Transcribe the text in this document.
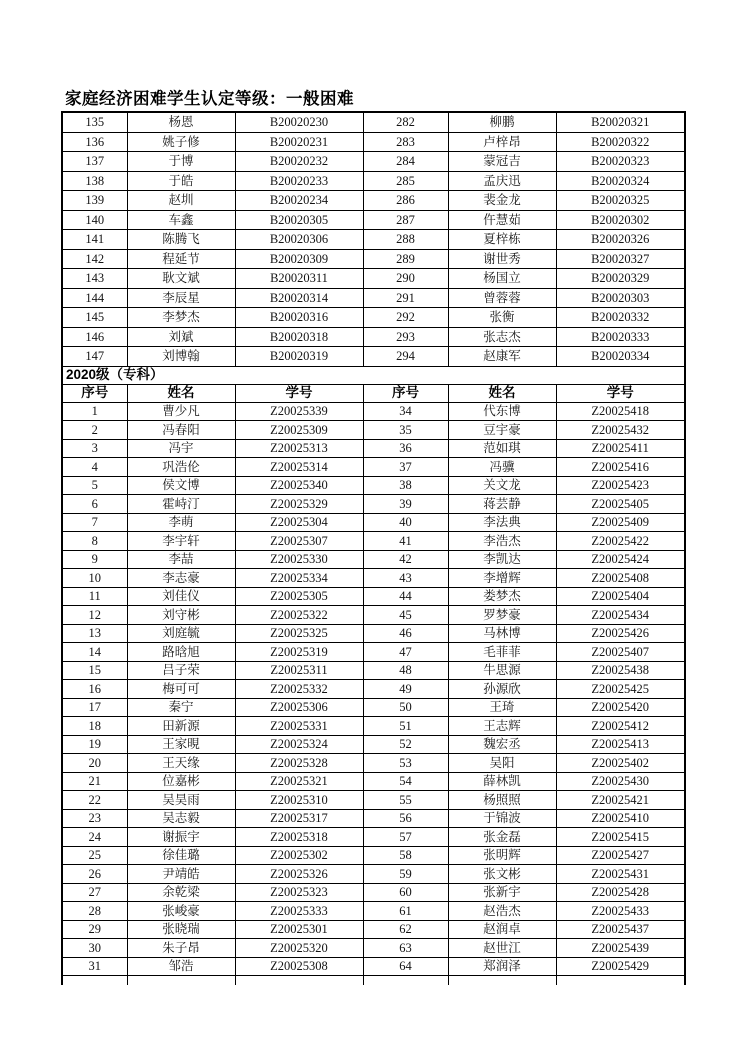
家庭经济困难学生认定等级：一般困难
135	杨恩	B20020230	282	柳鹏	B20020321
136	姚子修	B20020231	283	卢梓昂	B20020322
137	于博	B20020232	284	蒙冠吉	B20020323
138	于皓	B20020233	285	孟庆迅	B20020324
139	赵圳	B20020234	286	裴金龙	B20020325
140	车鑫	B20020305	287	仵慧茹	B20020302
141	陈腾飞	B20020306	288	夏梓栋	B20020326
142	程延节	B20020309	289	谢世秀	B20020327
143	耿文斌	B20020311	290	杨国立	B20020329
144	李辰星	B20020314	291	曾蓉蓉	B20020303
145	李梦杰	B20020316	292	张衡	B20020332
146	刘斌	B20020318	293	张志杰	B20020333
147	刘博翰	B20020319	294	赵康军	B20020334
2020级（专科）					
序号	姓名	学号	序号	姓名	学号
1	曹少凡	Z20025339	34	代东博	Z20025418
2	冯春阳	Z20025309	35	豆宇豪	Z20025432
3	冯宇	Z20025313	36	范如琪	Z20025411
4	巩浩伦	Z20025314	37	冯骥	Z20025416
5	侯文博	Z20025340	38	关文龙	Z20025423
6	霍峙汀	Z20025329	39	蒋芸静	Z20025405
7	李萌	Z20025304	40	李法典	Z20025409
8	李宇轩	Z20025307	41	李浩杰	Z20025422
9	李喆	Z20025330	42	李凯达	Z20025424
10	李志豪	Z20025334	43	李增辉	Z20025408
11	刘佳仪	Z20025305	44	娄梦杰	Z20025404
12	刘守彬	Z20025322	45	罗梦豪	Z20025434
13	刘庭毓	Z20025325	46	马林博	Z20025426
14	路晗旭	Z20025319	47	毛菲菲	Z20025407
15	吕子荣	Z20025311	48	牛思源	Z20025438
16	梅可可	Z20025332	49	孙源欣	Z20025425
17	秦宁	Z20025306	50	王琦	Z20025420
18	田新源	Z20025331	51	王志辉	Z20025412
19	王家晛	Z20025324	52	魏宏丞	Z20025413
20	王天缘	Z20025328	53	吴阳	Z20025402
21	位嘉彬	Z20025321	54	薛林凯	Z20025430
22	吴昊雨	Z20025310	55	杨照照	Z20025421
23	吴志毅	Z20025317	56	于锦波	Z20025410
24	谢振宇	Z20025318	57	张金磊	Z20025415
25	徐佳璐	Z20025302	58	张明辉	Z20025427
26	尹靖皓	Z20025326	59	张文彬	Z20025431
27	余乾梁	Z20025323	60	张新宇	Z20025428
28	张峻豪	Z20025333	61	赵浩杰	Z20025433
29	张晓瑞	Z20025301	62	赵润卓	Z20025437
30	朱子昂	Z20025320	63	赵世江	Z20025439
31	邹浩	Z20025308	64	郑润泽	Z20025429
